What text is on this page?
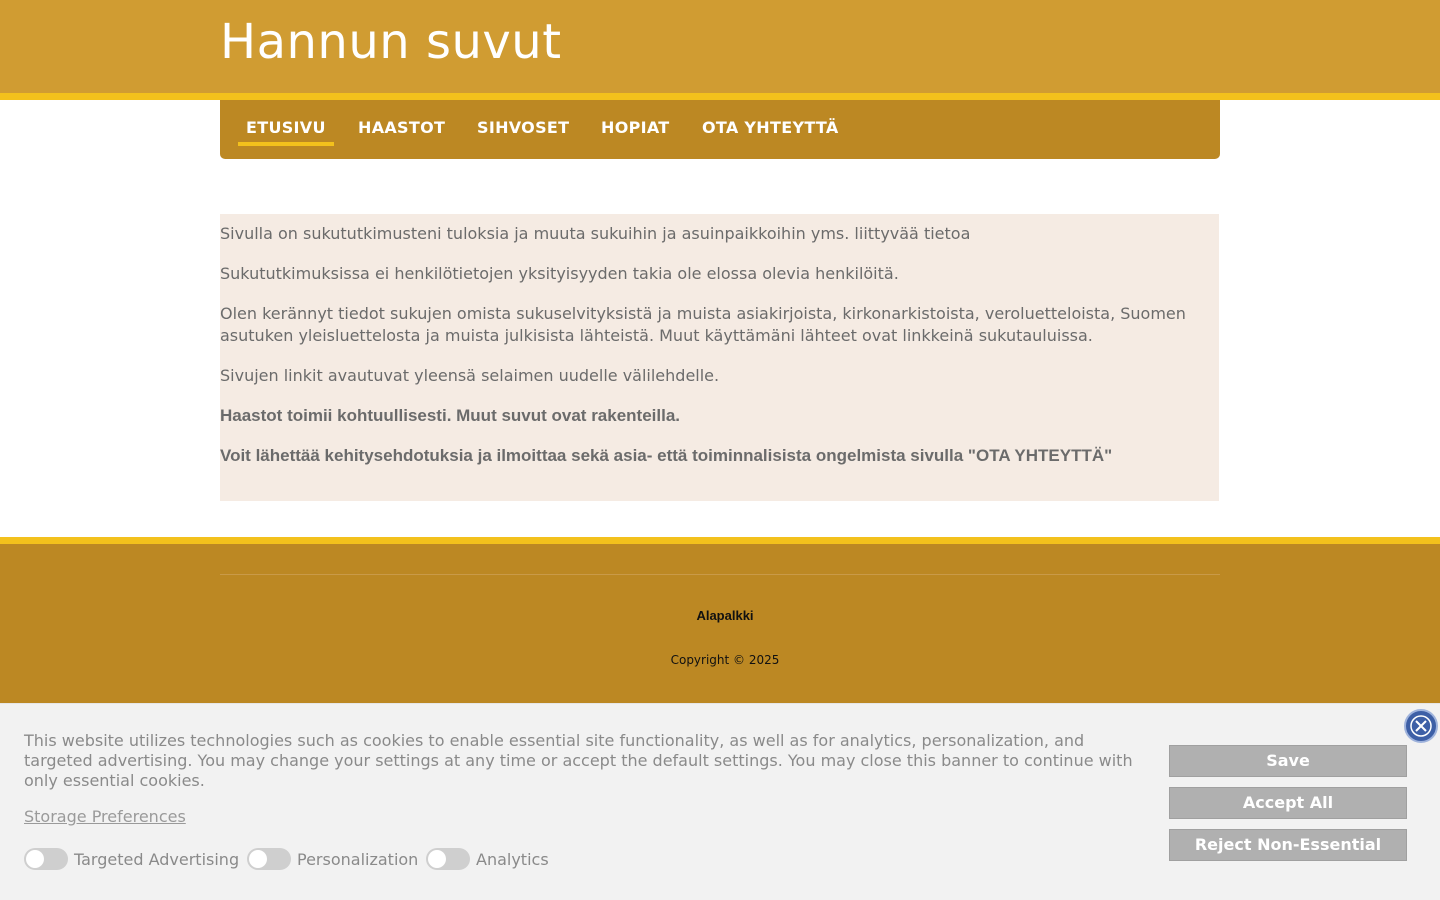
Hannun suvut
ETUSIVU HAASTOT SIHVOSET HOPIAT OTA YHTEYTTÄ

Sivulla on sukututkimusteni tuloksia ja muuta sukuihin ja asuinpaikkoihin yms. liittyvää tietoa

Sukututkimuksissa ei henkilötietojen yksityisyyden takia ole elossa olevia henkilöitä.

Olen kerännyt tiedot sukujen omista sukuselvityksistä ja muista asiakirjoista, kirkonarkistoista, veroluetteloista, Suomen asutuken yleisluettelosta ja muista julkisista lähteistä. Muut käyttämäni lähteet ovat linkkeinä sukutauluissa.

Sivujen linkit avautuvat yleensä selaimen uudelle välilehdelle.

Haastot toimii kohtuullisesti. Muut suvut ovat rakenteilla.

Voit lähettää kehitysehdotuksia ja ilmoittaa sekä asia- että toiminnalisista ongelmista sivulla "OTA YHTEYTTÄ"

Alapalkki
Copyright © 2025
This website utilizes technologies such as cookies to enable essential site functionality, as well as for analytics, personalization, and targeted advertising. You may change your settings at any time or accept the default settings. You may close this banner to continue with only essential cookies.
Storage Preferences
Targeted Advertising	Personalization	Analytics
Save
Accept All
Reject Non-Essential
